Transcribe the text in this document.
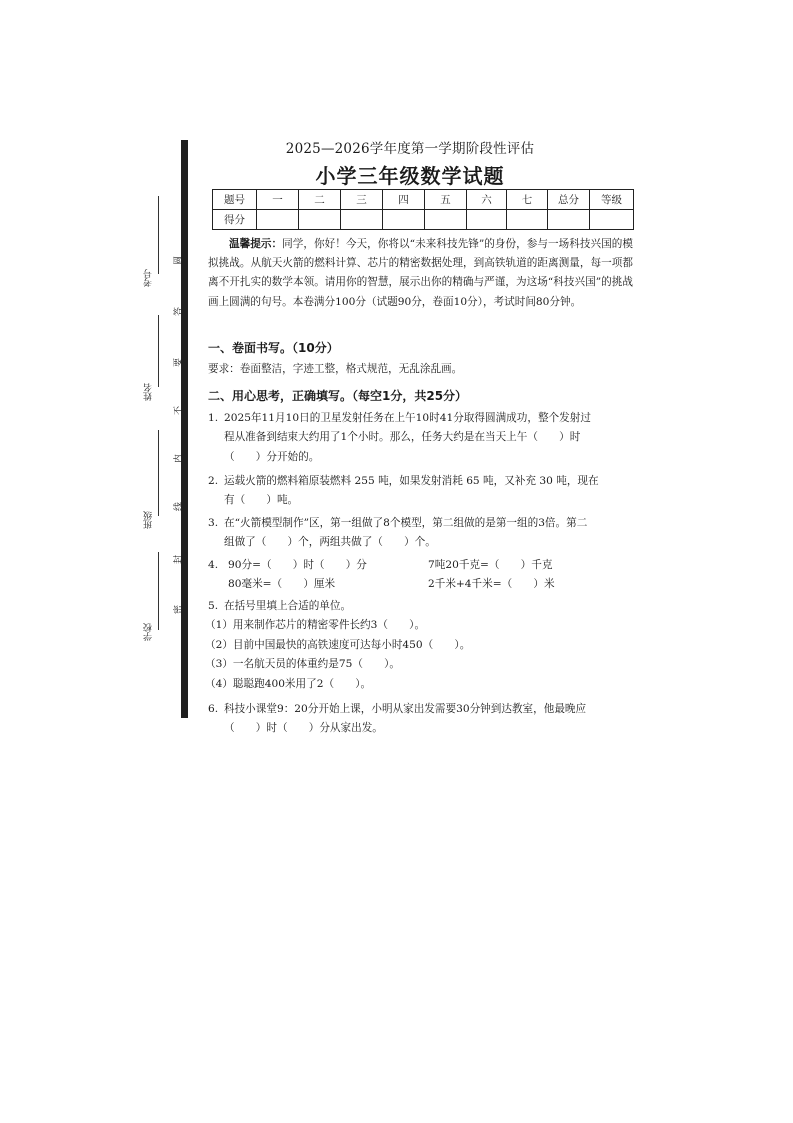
考号
姓名
班级
学校
圆
答
要
不
内
线
封
密
2025—2026学年度第一学期阶段性评估
小学三年级数学试题
题号	一	二	三	四	五	六	七	总分	等级
得分									
温馨提示：同学，你好！今天，你将以“未来科技先锋”的身份，参与一场科技兴国的模拟挑战。从航天火箭的燃料计算、芯片的精密数据处理，到高铁轨道的距离测量，每一项都离不开扎实的数学本领。请用你的智慧，展示出你的精确与严谨，为这场“科技兴国”的挑战画上圆满的句号。本卷满分100分（试题90分，卷面10分），考试时间80分钟。
一、卷面书写。（10分）
要求：卷面整洁，字迹工整，格式规范，无乱涂乱画。
二、用心思考，正确填写。（每空1分，共25分）
1. 2025年11月10日的卫星发射任务在上午10时41分取得圆满成功，整个发射过
程从准备到结束大约用了1个小时。那么，任务大约是在当天上午（　　）时
（　　）分开始的。
2. 运载火箭的燃料箱原装燃料 255 吨，如果发射消耗 65 吨，又补充 30 吨，现在
有（　　）吨。
3. 在“火箭模型制作”区，第一组做了8个模型，第二组做的是第一组的3倍。第二
组做了（　　）个，两组共做了（　　）个。
4. 90分=（　　）时（　　）分	7吨20千克=（　　）千克
80毫米=（　　）厘米	2千米+4千米=（　　）米
5. 在括号里填上合适的单位。
（1）用来制作芯片的精密零件长约3（　　）。
（2）目前中国最快的高铁速度可达每小时450（　　）。
（3）一名航天员的体重约是75（　　）。
（4）聪聪跑400米用了2（　　）。
6. 科技小课堂9：20分开始上课，小明从家出发需要30分钟到达教室，他最晚应
（　　）时（　　）分从家出发。
